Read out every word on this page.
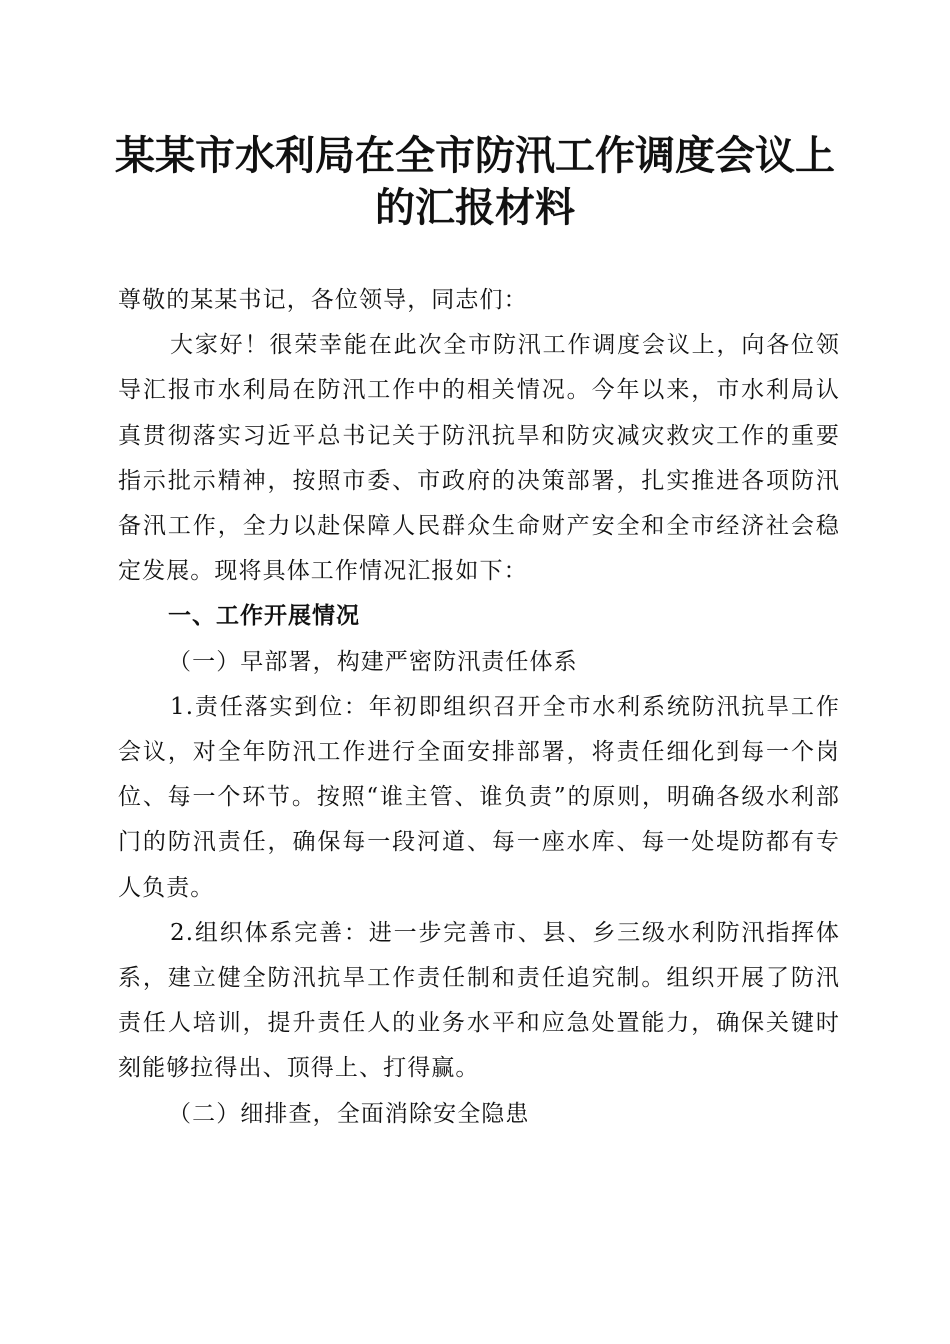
某某市水利局在全市防汛工作调度会议上的汇报材料

尊敬的某某书记，各位领导，同志们：

大家好！很荣幸能在此次全市防汛工作调度会议上，向各位领导汇报市水利局在防汛工作中的相关情况。今年以来，市水利局认真贯彻落实习近平总书记关于防汛抗旱和防灾减灾救灾工作的重要指示批示精神，按照市委、市政府的决策部署，扎实推进各项防汛备汛工作，全力以赴保障人民群众生命财产安全和全市经济社会稳定发展。现将具体工作情况汇报如下：

一、工作开展情况

（一）早部署，构建严密防汛责任体系

1.责任落实到位：年初即组织召开全市水利系统防汛抗旱工作会议，对全年防汛工作进行全面安排部署，将责任细化到每一个岗位、每一个环节。按照“谁主管、谁负责”的原则，明确各级水利部门的防汛责任，确保每一段河道、每一座水库、每一处堤防都有专人负责。

2.组织体系完善：进一步完善市、县、乡三级水利防汛指挥体系，建立健全防汛抗旱工作责任制和责任追究制。组织开展了防汛责任人培训，提升责任人的业务水平和应急处置能力，确保关键时刻能够拉得出、顶得上、打得赢。

（二）细排查，全面消除安全隐患
